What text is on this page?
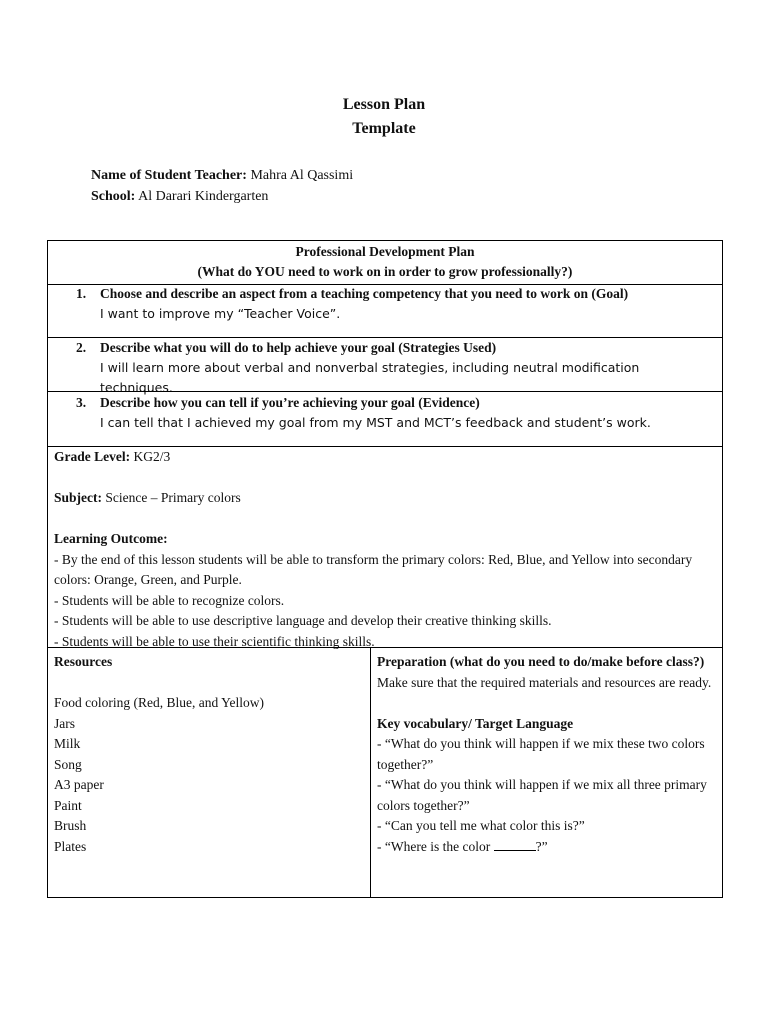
Lesson Plan
Template
Name of Student Teacher: Mahra Al Qassimi
School: Al Darari Kindergarten
Professional Development Plan
(What do YOU need to work on in order to grow professionally?)
1. Choose and describe an aspect from a teaching competency that you need to work on (Goal)
I want to improve my “Teacher Voice”.
2. Describe what you will do to help achieve your goal (Strategies Used)
I will learn more about verbal and nonverbal strategies, including neutral modification techniques.
3. Describe how you can tell if you’re achieving your goal (Evidence)
I can tell that I achieved my goal from my MST and MCT’s feedback and student’s work.
Grade Level: KG2/3
Subject: Science – Primary colors
Learning Outcome:
- By the end of this lesson students will be able to transform the primary colors: Red, Blue, and Yellow into secondary colors: Orange, Green, and Purple.
- Students will be able to recognize colors.
- Students will be able to use descriptive language and develop their creative thinking skills.
- Students will be able to use their scientific thinking skills.
Resources
Food coloring (Red, Blue, and Yellow)
Jars
Milk
Song
A3 paper
Paint
Brush
Plates
Preparation (what do you need to do/make before class?)
Make sure that the required materials and resources are ready.
Key vocabulary/ Target Language
- “What do you think will happen if we mix these two colors together?”
- “What do you think will happen if we mix all three primary colors together?”
- “Can you tell me what color this is?”
- “Where is the color	?”
